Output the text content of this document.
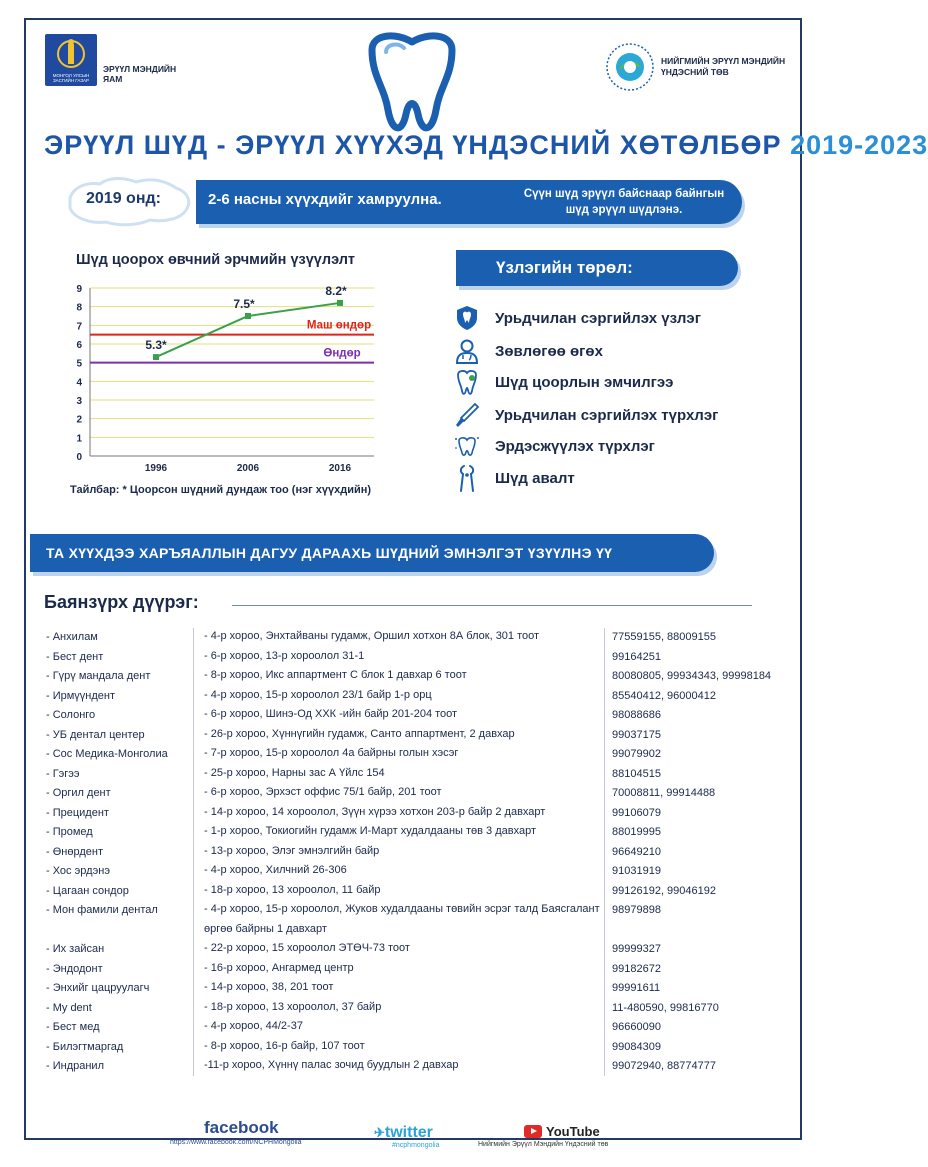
МОНГОЛ УЛСЫН ЗАСГИЙН ГАЗАР
ЭРҮҮЛ МЭНДИЙН ЯАМ
НИЙГМИЙН ЭРҮҮЛ МЭНДИЙН ҮНДЭСНИЙ ТӨВ
ЭРҮҮЛ ШҮД - ЭРҮҮЛ ХҮҮХЭД ҮНДЭСНИЙ ХӨТӨЛБӨР 2019-2023
2019 онд:	2-6 насны хүүхдийг хамруулна.	Сүүн шүд эрүүл байснаар байнгын шүд эрүүл шүдлэнэ.
Шүд цоорох өвчний эрчмийн үзүүлэлт
0
1
2
3
4
5
6
7
8
9
1996	2006	2016
Маш өндөр
Өндөр
5.3*
7.5*
8.2*
Тайлбар: * Цоорсон шүдний дундаж тоо (нэг хүүхдийн)
Үзлэгийн төрөл:
Урьдчилан сэргийлэх үзлэг
Зөвлөгөө өгөх
Шүд цоорлын эмчилгээ
Урьдчилан сэргийлэх түрхлэг
Эрдэсжүүлэх түрхлэг
Шүд авалт
ТА ХҮҮХДЭЭ ХАРЪЯАЛЛЫН ДАГУУ ДАРААХЬ ШҮДНИЙ ЭМНЭЛГЭТ ҮЗҮҮЛНЭ ҮҮ
Баянзүрх дүүрэг:
- Анхилам	- 4-р хороо, Энхтайваны гудамж, Оршил хотхон 8А блок, 301 тоот	77559155, 88009155
- Бест дент	- 6-р хороо, 13-р хороолол 31-1	99164251
- Гүрү мандала дент	- 8-р хороо, Икс аппартмент С блок 1 давхар 6 тоот	80080805, 99934343, 99998184
- Ирмүүндент	- 4-р хороо, 15-р хороолол 23/1 байр 1-р орц	85540412, 96000412
- Солонго	- 6-р хороо, Шинэ-Од ХХК -ийн байр 201-204 тоот	98088686
- УБ дентал центер	- 26-р хороо, Хүннүгийн гудамж, Санто аппартмент, 2 давхар	99037175
- Сос Медика-Монголиа	- 7-р хороо, 15-р хороолол 4а байрны голын хэсэг	99079902
- Гэгээ	- 25-р хороо, Нарны зас А Үйлс 154	88104515
- Оргил дент	- 6-р хороо, Эрхэст оффис 75/1 байр, 201 тоот	70008811, 99914488
- Прецидент	- 14-р хороо, 14 хороолол, Зүүн хүрээ хотхон 203-р байр 2 давхарт	99106079
- Промед	- 1-р хороо, Токиогийн гудамж И-Март худалдааны төв 3 давхарт	88019995
- Өнөрдент	- 13-р хороо, Элэг эмнэлгийн байр	96649210
- Хос эрдэнэ	- 4-р хороо, Хилчний 26-306	91031919
- Цагаан сондор	- 18-р хороо, 13 хороолол, 11 байр	99126192, 99046192
- Мон фамили дентал	- 4-р хороо, 15-р хороолол, Жуков худалдааны төвийн эсрэг талд Баясгалант өргөө байрны 1 давхарт
98979898
- Их зайсан	- 22-р хороо, 15 хороолол ЭТӨЧ-73 тоот	99999327
- Эндодонт	- 16-р хороо, Ангармед центр	99182672
- Энхийг цацруулагч	- 14-р хороо, 38, 201 тоот	99991611
- My dent	- 18-р хороо, 13 хороолол, 37 байр	11-480590, 99816770
- Бест мед	- 4-р хороо, 44/2-37	96660090
- Билэгтмаргад	- 8-р хороо, 16-р байр, 107 тоот	99084309
- Индранил	-11-р хороо, Хүннү палас зочид буудлын 2 давхар	99072940, 88774777
facebook
https://www.facebook.com/NCPHMongolia
✈twitter
#ncphmongolia
YouTube
Нийгмийн Эрүүл Мэндийн Үндэсний төв
